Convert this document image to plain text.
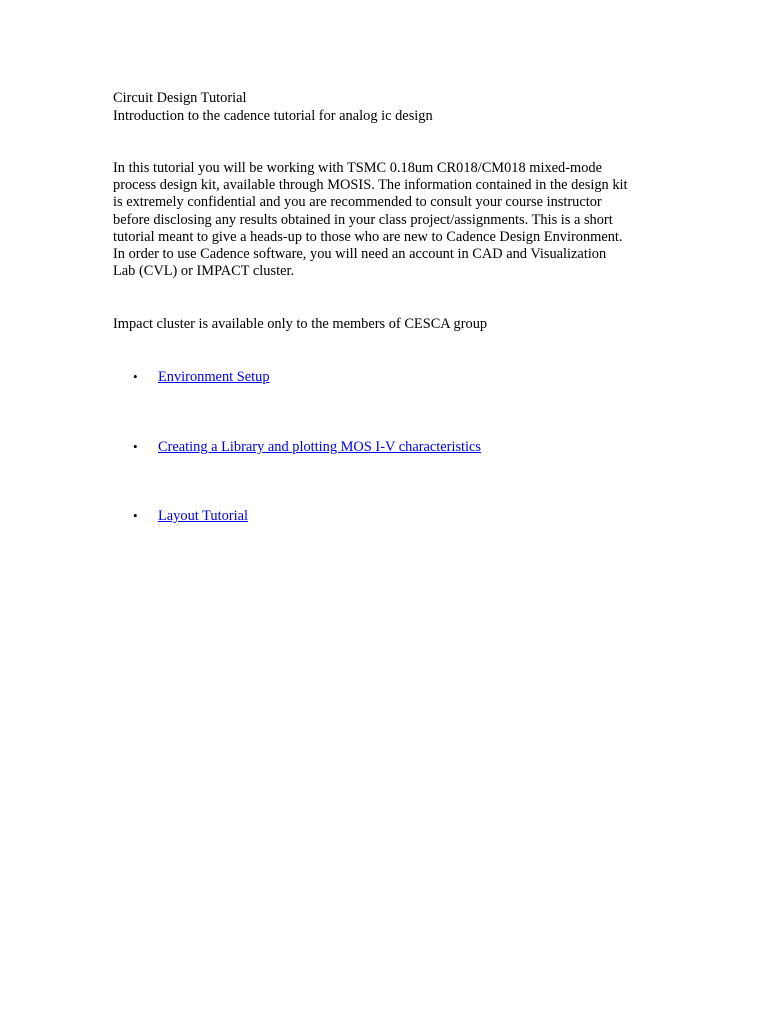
Circuit Design Tutorial
Introduction to the cadence tutorial for analog ic design
In this tutorial you will be working with TSMC 0.18um CR018/CM018 mixed-mode
process design kit, available through MOSIS. The information contained in the design kit
is extremely confidential and you are recommended to consult your course instructor
before disclosing any results obtained in your class project/assignments. This is a short
tutorial meant to give a heads-up to those who are new to Cadence Design Environment.
In order to use Cadence software, you will need an account in CAD and Visualization
Lab (CVL) or IMPACT cluster.
Impact cluster is available only to the members of CESCA group
• Environment Setup
• Creating a Library and plotting MOS I-V characteristics
• Layout Tutorial
